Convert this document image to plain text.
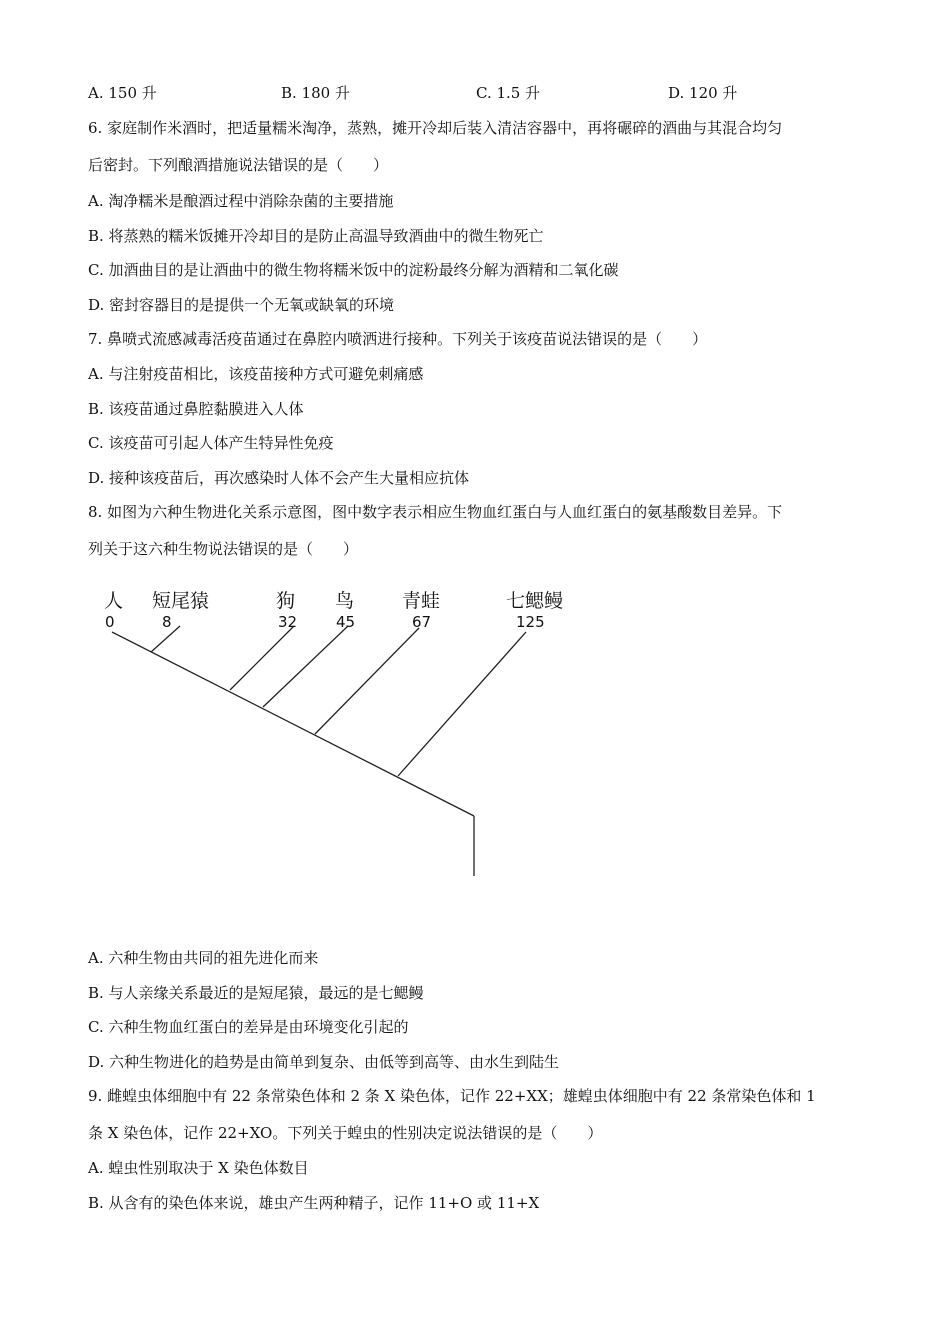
A. 150 升	B. 180 升	C. 1.5 升	D. 120 升
6. 家庭制作米酒时，把适量糯米淘净，蒸熟，摊开冷却后装入清洁容器中，再将碾碎的酒曲与其混合均匀
后密封。下列酿酒措施说法错误的是（　　）
A. 淘净糯米是酿酒过程中消除杂菌的主要措施
B. 将蒸熟的糯米饭摊开冷却目的是防止高温导致酒曲中的微生物死亡
C. 加酒曲目的是让酒曲中的微生物将糯米饭中的淀粉最终分解为酒精和二氧化碳
D. 密封容器目的是提供一个无氧或缺氧的环境
7. 鼻喷式流感减毒活疫苗通过在鼻腔内喷洒进行接种。下列关于该疫苗说法错误的是（　　）
A. 与注射疫苗相比，该疫苗接种方式可避免刺痛感
B. 该疫苗通过鼻腔黏膜进入人体
C. 该疫苗可引起人体产生特异性免疫
D. 接种该疫苗后，再次感染时人体不会产生大量相应抗体
8. 如图为六种生物进化关系示意图，图中数字表示相应生物血红蛋白与人血红蛋白的氨基酸数目差异。下
列关于这六种生物说法错误的是（　　）
人 短尾猿	狗 鸟	青蛙	七鳃鳗
0	8	32	45	67	125
A. 六种生物由共同的祖先进化而来
B. 与人亲缘关系最近的是短尾猿，最远的是七鳃鳗
C. 六种生物血红蛋白的差异是由环境变化引起的
D. 六种生物进化的趋势是由简单到复杂、由低等到高等、由水生到陆生
9. 雌蝗虫体细胞中有 22 条常染色体和 2 条 X 染色体，记作 22+XX；雄蝗虫体细胞中有 22 条常染色体和 1
条 X 染色体，记作 22+XO。下列关于蝗虫的性别决定说法错误的是（　　）
A. 蝗虫性别取决于 X 染色体数目
B. 从含有的染色体来说，雄虫产生两种精子，记作 11+O 或 11+X
